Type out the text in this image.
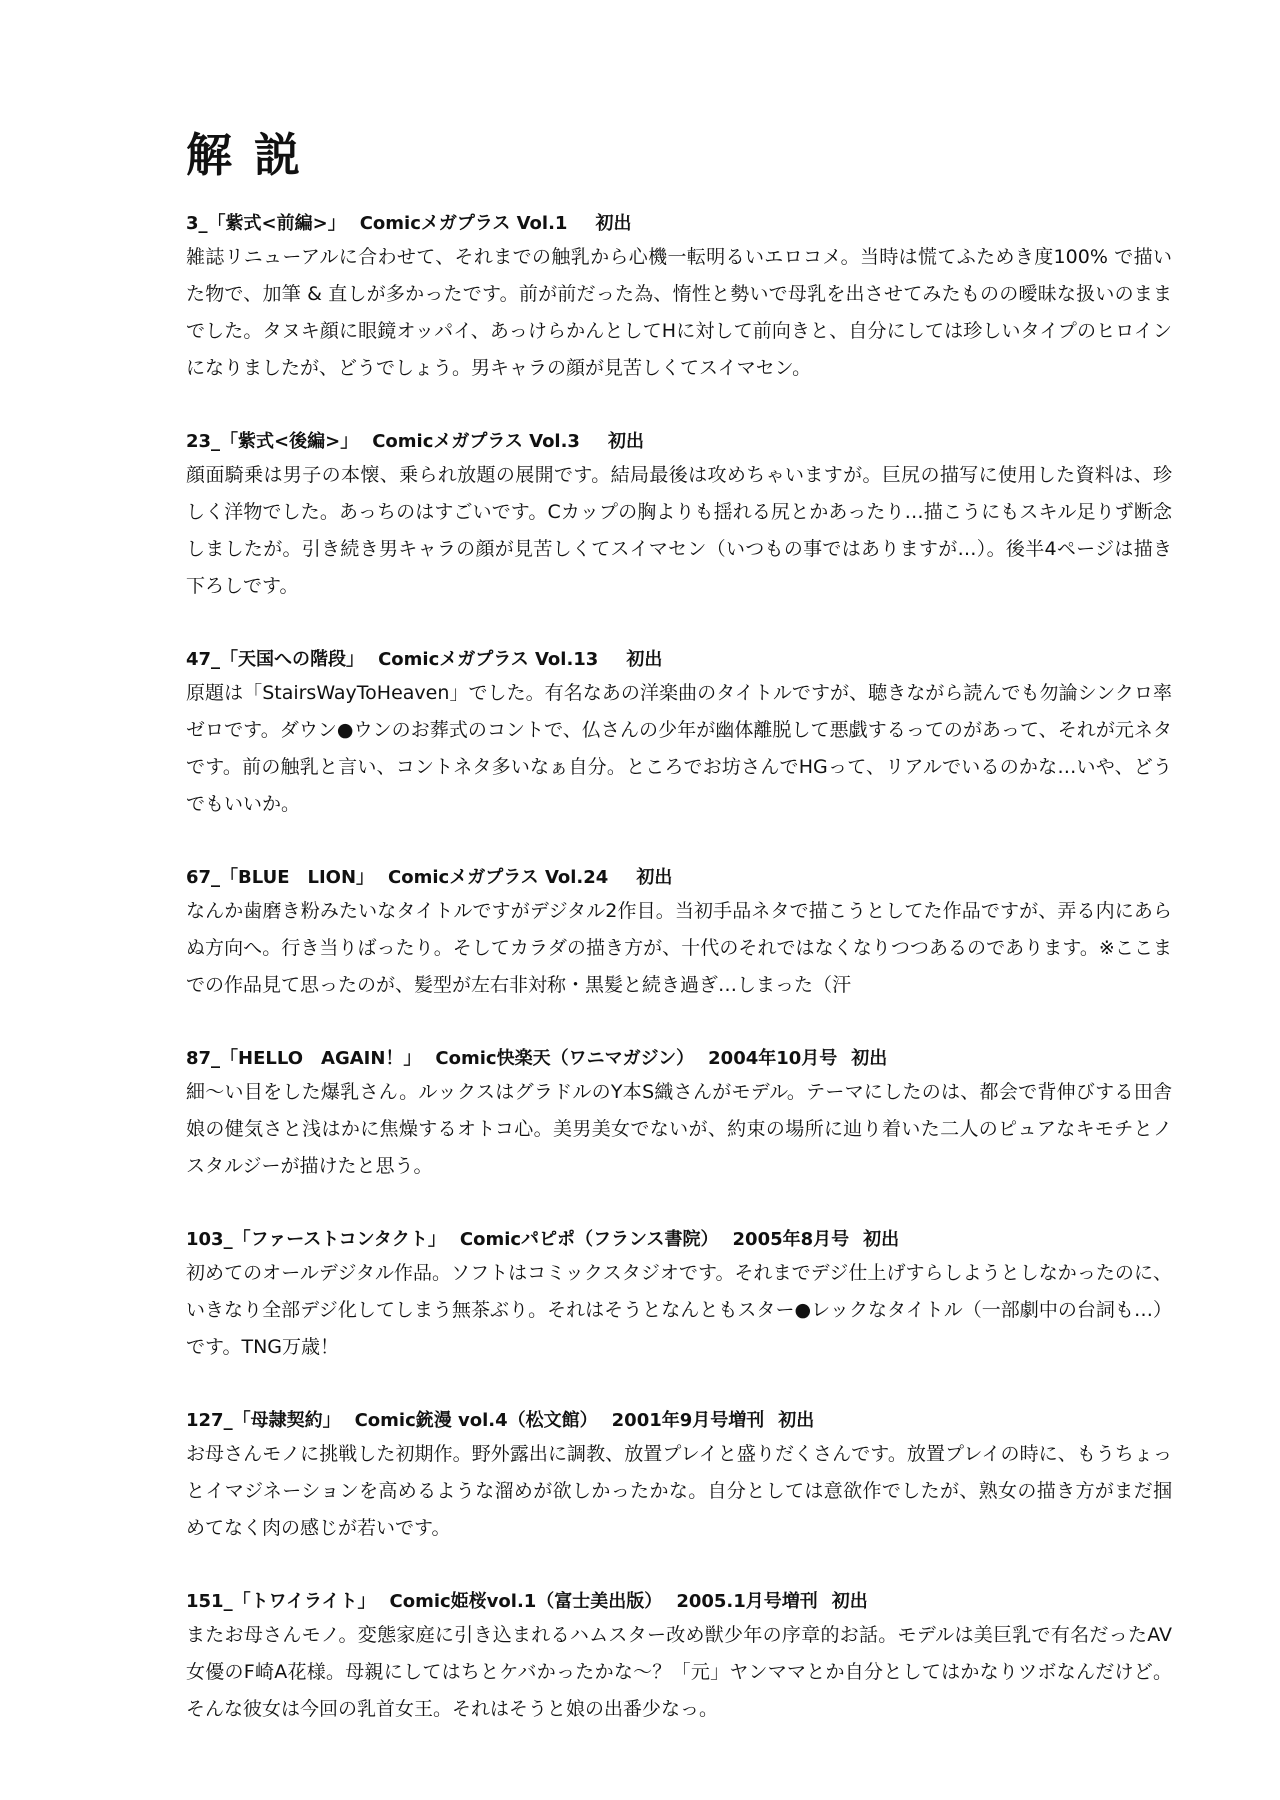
解説
3_「紫式<前編>」 Comicメガプラス Vol.1 初出
雑誌リニューアルに合わせて、それまでの触乳から心機一転明るいエロコメ。当時は慌てふためき度100% で描いた物で、加筆 & 直しが多かったです。前が前だった為、惰性と勢いで母乳を出させてみたものの曖昧な扱いのままでした。タヌキ顔に眼鏡オッパイ、あっけらかんとしてHに対して前向きと、自分にしては珍しいタイプのヒロインになりましたが、どうでしょう。男キャラの顔が見苦しくてスイマセン。
23_「紫式<後編>」 Comicメガプラス Vol.3 初出
顔面騎乗は男子の本懐、乗られ放題の展開です。結局最後は攻めちゃいますが。巨尻の描写に使用した資料は、珍しく洋物でした。あっちのはすごいです。Cカップの胸よりも揺れる尻とかあったり…描こうにもスキル足りず断念しましたが。引き続き男キャラの顔が見苦しくてスイマセン（いつもの事ではありますが…）。後半4ページは描き下ろしです。
47_「天国への階段」 Comicメガプラス Vol.13 初出
原題は「StairsWayToHeaven」でした。有名なあの洋楽曲のタイトルですが、聴きながら読んでも勿論シンクロ率ゼロです。ダウン●ウンのお葬式のコントで、仏さんの少年が幽体離脱して悪戯するってのがあって、それが元ネタです。前の触乳と言い、コントネタ多いなぁ自分。ところでお坊さんでHGって、リアルでいるのかな…いや、どうでもいいか。
67_「BLUE　LION」 Comicメガプラス Vol.24 初出
なんか歯磨き粉みたいなタイトルですがデジタル2作目。当初手品ネタで描こうとしてた作品ですが、弄る内にあらぬ方向へ。行き当りばったり。そしてカラダの描き方が、十代のそれではなくなりつつあるのであります。※ここまでの作品見て思ったのが、髪型が左右非対称・黒髪と続き過ぎ…しまった（汗
87_「HELLO　AGAIN！」 Comic快楽天（ワニマガジン） 2004年10月号 初出
細〜い目をした爆乳さん。ルックスはグラドルのY本S織さんがモデル。テーマにしたのは、都会で背伸びする田舎娘の健気さと浅はかに焦燥するオトコ心。美男美女でないが、約束の場所に辿り着いた二人のピュアなキモチとノスタルジーが描けたと思う。
103_「ファーストコンタクト」 Comicパピポ（フランス書院） 2005年8月号 初出
初めてのオールデジタル作品。ソフトはコミックスタジオです。それまでデジ仕上げすらしようとしなかったのに、いきなり全部デジ化してしまう無茶ぶり。それはそうとなんともスター●レックなタイトル（一部劇中の台詞も…）です。TNG万歳！
127_「母隷契約」 Comic銃漫 vol.4（松文館） 2001年9月号増刊 初出
お母さんモノに挑戦した初期作。野外露出に調教、放置プレイと盛りだくさんです。放置プレイの時に、もうちょっとイマジネーションを高めるような溜めが欲しかったかな。自分としては意欲作でしたが、熟女の描き方がまだ掴めてなく肉の感じが若いです。
151_「トワイライト」 Comic姫桜vol.1（富士美出版） 2005.1月号増刊 初出
またお母さんモノ。変態家庭に引き込まれるハムスター改め獣少年の序章的お話。モデルは美巨乳で有名だったAV女優のF崎A花様。母親にしてはちとケバかったかな〜？「元」ヤンママとか自分としてはかなりツボなんだけど。そんな彼女は今回の乳首女王。それはそうと娘の出番少なっ。
